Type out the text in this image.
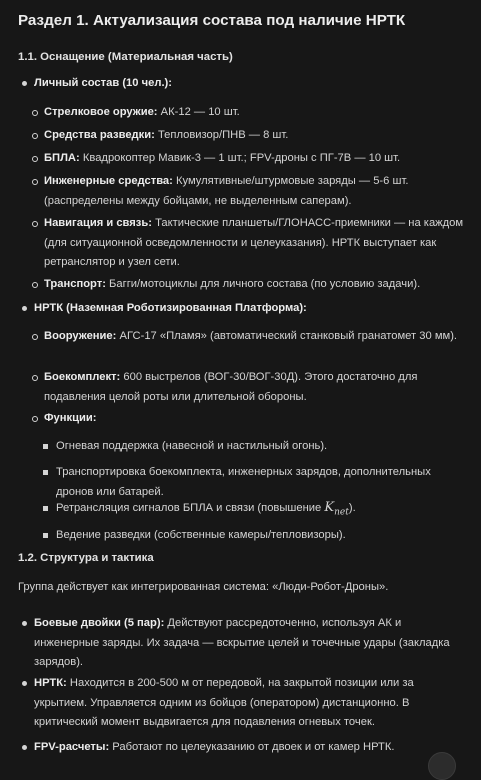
Раздел 1. Актуализация состава под наличие НРТК
1.1. Оснащение (Материальная часть)
Личный состав (10 чел.):
Стрелковое оружие: АК-12 — 10 шт.
Средства разведки: Тепловизор/ПНВ — 8 шт.
БПЛА: Квадрокоптер Мавик-3 — 1 шт.; FPV-дроны с ПГ-7В — 10 шт.
Инженерные средства: Кумулятивные/штурмовые заряды — 5-6 шт. (распределены между бойцами, не выделенным саперам).
Навигация и связь: Тактические планшеты/ГЛОНАСС-приемники — на каждом (для ситуационной осведомленности и целеуказания). НРТК выступает как ретранслятор и узел сети.
Транспорт: Багги/мотоциклы для личного состава (по условию задачи).
НРТК (Наземная Роботизированная Платформа):
Вооружение: АГС-17 «Пламя» (автоматический станковый гранатомет 30 мм).
Боекомплект: 600 выстрелов (ВОГ-30/ВОГ-30Д). Этого достаточно для подавления целой роты или длительной обороны.
Функции:
Огневая поддержка (навесной и настильный огонь).
Транспортировка боекомплекта, инженерных зарядов, дополнительных дронов или батарей.
Ретрансляция сигналов БПЛА и связи (повышение $K_{net}$).
Ведение разведки (собственные камеры/тепловизоры).
1.2. Структура и тактика
Группа действует как интегрированная система: «Люди-Робот-Дроны».
Боевые двойки (5 пар): Действуют рассредоточенно, используя АК и инженерные заряды. Их задача — вскрытие целей и точечные удары (закладка зарядов).
НРТК: Находится в 200-500 м от передовой, на закрытой позиции или за укрытием. Управляется одним из бойцов (оператором) дистанционно. В критический момент выдвигается для подавления огневых точек.
FPV-расчеты: Работают по целеуказанию от двоек и от камер НРТК.
